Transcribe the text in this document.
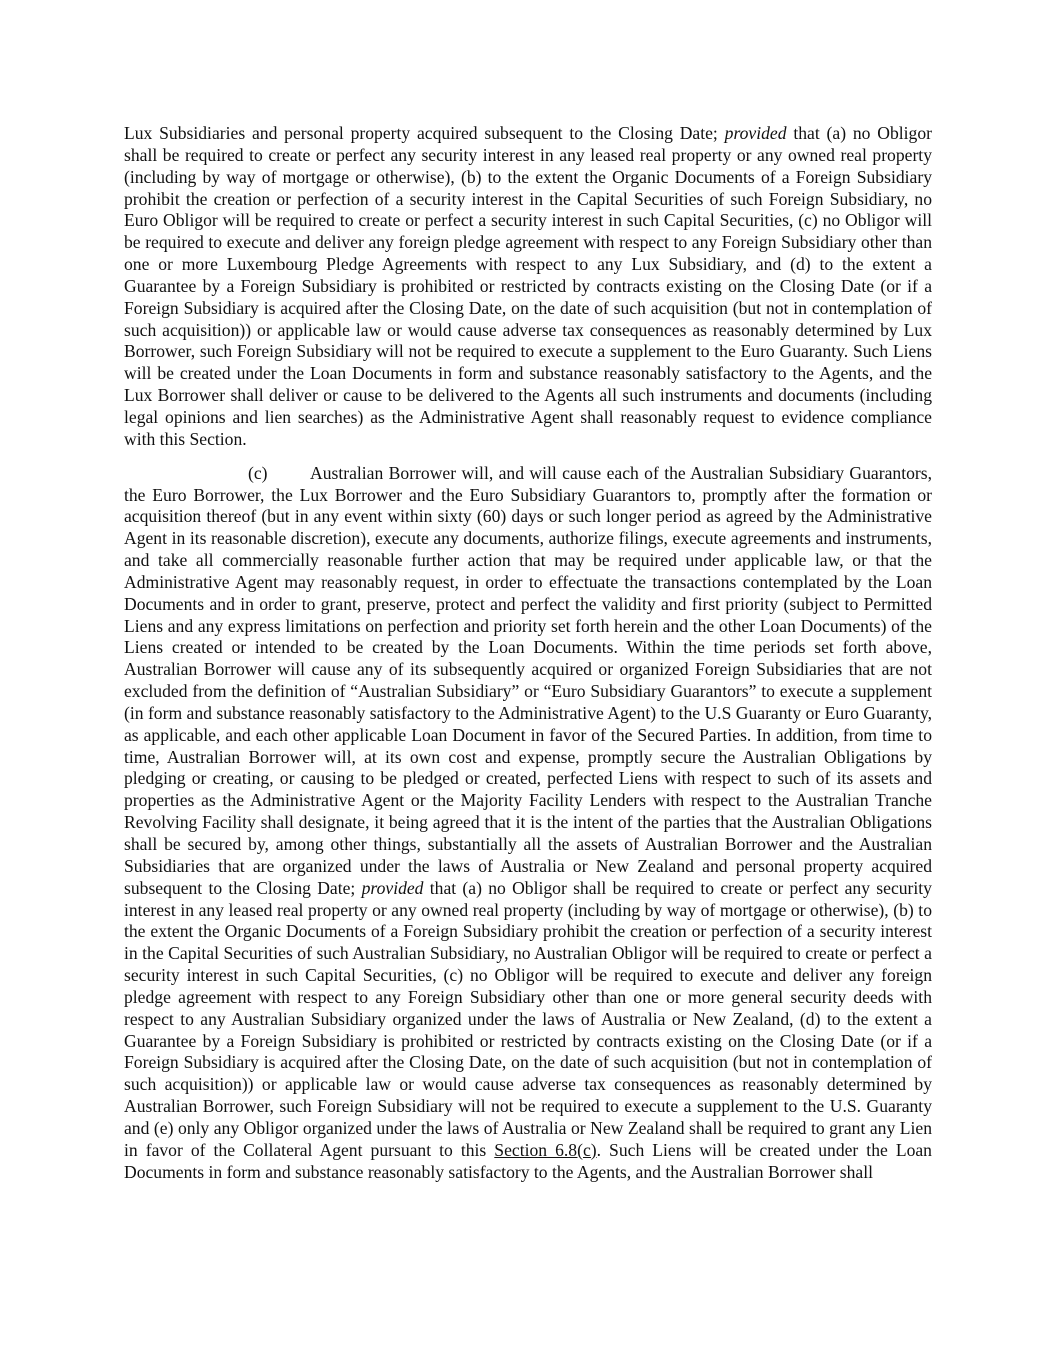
Lux Subsidiaries and personal property acquired subsequent to the Closing Date; provided that (a) no Obligor shall be required to create or perfect any security interest in any leased real property or any owned real property (including by way of mortgage or otherwise), (b) to the extent the Organic Documents of a Foreign Subsidiary prohibit the creation or perfection of a security interest in the Capital Securities of such Foreign Subsidiary, no Euro Obligor will be required to create or perfect a security interest in such Capital Securities, (c) no Obligor will be required to execute and deliver any foreign pledge agreement with respect to any Foreign Subsidiary other than one or more Luxembourg Pledge Agreements with respect to any Lux Subsidiary, and (d) to the extent a Guarantee by a Foreign Subsidiary is prohibited or restricted by contracts existing on the Closing Date (or if a Foreign Subsidiary is acquired after the Closing Date, on the date of such acquisition (but not in contemplation of such acquisition)) or applicable law or would cause adverse tax consequences as reasonably determined by Lux Borrower, such Foreign Subsidiary will not be required to execute a supplement to the Euro Guaranty. Such Liens will be created under the Loan Documents in form and substance reasonably satisfactory to the Agents, and the Lux Borrower shall deliver or cause to be delivered to the Agents all such instruments and documents (including legal opinions and lien searches) as the Administrative Agent shall reasonably request to evidence compliance with this Section.

(c) Australian Borrower will, and will cause each of the Australian Subsidiary Guarantors, the Euro Borrower, the Lux Borrower and the Euro Subsidiary Guarantors to, promptly after the formation or acquisition thereof (but in any event within sixty (60) days or such longer period as agreed by the Administrative Agent in its reasonable discretion), execute any documents, authorize filings, execute agreements and instruments, and take all commercially reasonable further action that may be required under applicable law, or that the Administrative Agent may reasonably request, in order to effectuate the transactions contemplated by the Loan Documents and in order to grant, preserve, protect and perfect the validity and first priority (subject to Permitted Liens and any express limitations on perfection and priority set forth herein and the other Loan Documents) of the Liens created or intended to be created by the Loan Documents. Within the time periods set forth above, Australian Borrower will cause any of its subsequently acquired or organized Foreign Subsidiaries that are not excluded from the definition of “Australian Subsidiary” or “Euro Subsidiary Guarantors” to execute a supplement (in form and substance reasonably satisfactory to the Administrative Agent) to the U.S Guaranty or Euro Guaranty, as applicable, and each other applicable Loan Document in favor of the Secured Parties. In addition, from time to time, Australian Borrower will, at its own cost and expense, promptly secure the Australian Obligations by pledging or creating, or causing to be pledged or created, perfected Liens with respect to such of its assets and properties as the Administrative Agent or the Majority Facility Lenders with respect to the Australian Tranche Revolving Facility shall designate, it being agreed that it is the intent of the parties that the Australian Obligations shall be secured by, among other things, substantially all the assets of Australian Borrower and the Australian Subsidiaries that are organized under the laws of Australia or New Zealand and personal property acquired subsequent to the Closing Date; provided that (a) no Obligor shall be required to create or perfect any security interest in any leased real property or any owned real property (including by way of mortgage or otherwise), (b) to the extent the Organic Documents of a Foreign Subsidiary prohibit the creation or perfection of a security interest in the Capital Securities of such Australian Subsidiary, no Australian Obligor will be required to create or perfect a security interest in such Capital Securities, (c) no Obligor will be required to execute and deliver any foreign pledge agreement with respect to any Foreign Subsidiary other than one or more general security deeds with respect to any Australian Subsidiary organized under the laws of Australia or New Zealand, (d) to the extent a Guarantee by a Foreign Subsidiary is prohibited or restricted by contracts existing on the Closing Date (or if a Foreign Subsidiary is acquired after the Closing Date, on the date of such acquisition (but not in contemplation of such acquisition)) or applicable law or would cause adverse tax consequences as reasonably determined by Australian Borrower, such Foreign Subsidiary will not be required to execute a supplement to the U.S. Guaranty and (e) only any Obligor organized under the laws of Australia or New Zealand shall be required to grant any Lien in favor of the Collateral Agent pursuant to this Section 6.8(c). Such Liens will be created under the Loan Documents in form and substance reasonably satisfactory to the Agents, and the Australian Borrower shall
